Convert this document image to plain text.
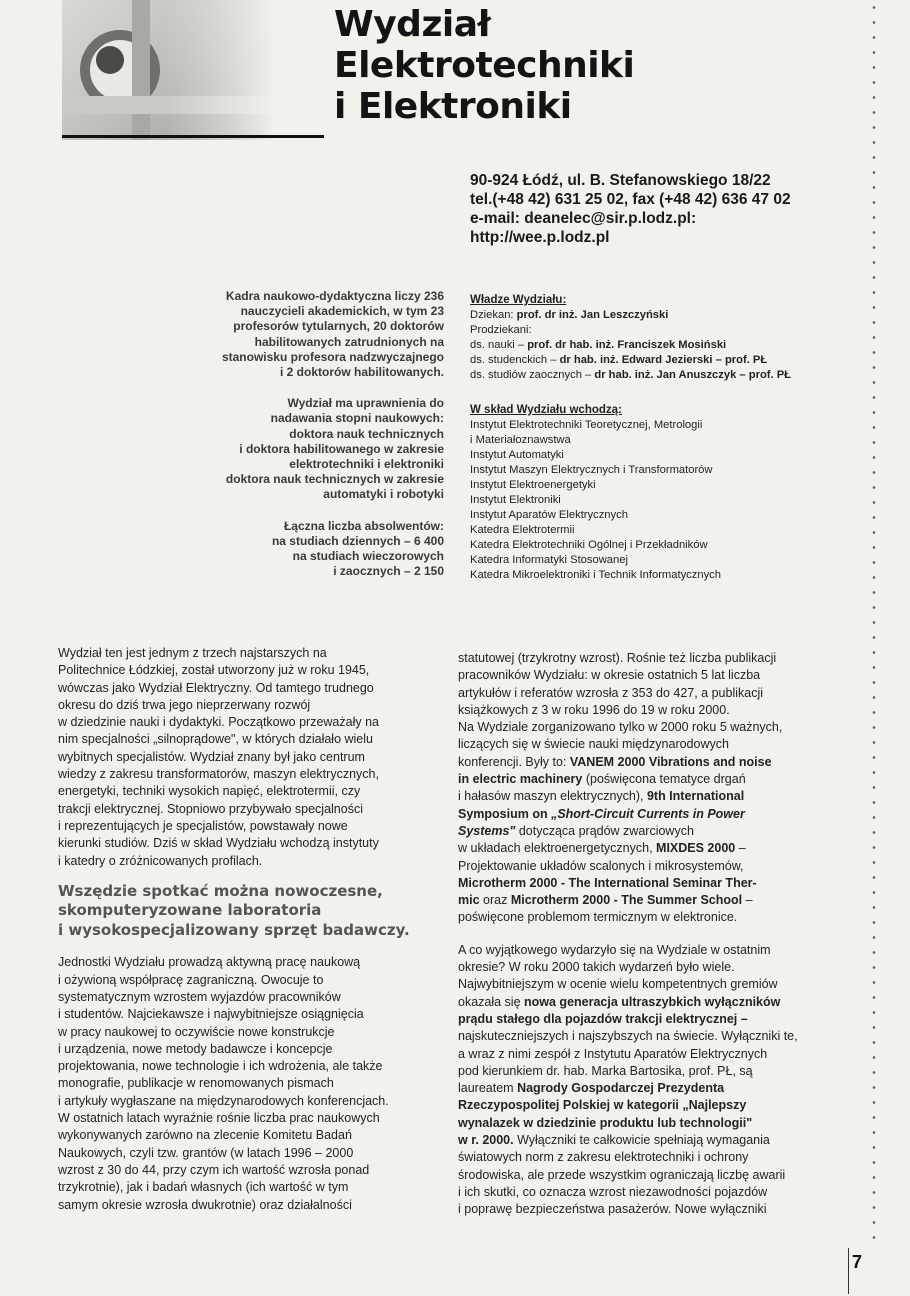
Wydział
Elektrotechniki
i Elektroniki
90-924 Łódź, ul. B. Stefanowskiego 18/22
tel.(+48 42) 631 25 02, fax (+48 42) 636 47 02
e-mail: deanelec@sir.p.lodz.pl:
http://wee.p.lodz.pl
Kadra naukowo-dydaktyczna liczy 236
nauczycieli akademickich, w tym 23
profesorów tytularnych, 20 doktorów
habilitowanych zatrudnionych na
stanowisku profesora nadzwyczajnego
i 2 doktorów habilitowanych.
Wydział ma uprawnienia do
nadawania stopni naukowych:
doktora nauk technicznych
i doktora habilitowanego w zakresie
elektrotechniki i elektroniki
doktora nauk technicznych w zakresie
automatyki i robotyki
Łączna liczba absolwentów:
na studiach dziennych – 6 400
na studiach wieczorowych
i zaocznych – 2 150
Władze Wydziału:
Dziekan: prof. dr inż. Jan Leszczyński
Prodziekani:
ds. nauki – prof. dr hab. inż. Franciszek Mosiński
ds. studenckich – dr hab. inż. Edward Jezierski – prof. PŁ
ds. studiów zaocznych – dr hab. inż. Jan Anuszczyk – prof. PŁ
W skład Wydziału wchodzą:
Instytut Elektrotechniki Teoretycznej, Metrologii
i Materiałoznawstwa
Instytut Automatyki
Instytut Maszyn Elektrycznych i Transformatorów
Instytut Elektroenergetyki
Instytut Elektroniki
Instytut Aparatów Elektrycznych
Katedra Elektrotermii
Katedra Elektrotechniki Ogólnej i Przekładników
Katedra Informatyki Stosowanej
Katedra Mikroelektroniki i Technik Informatycznych
Wydział ten jest jednym z trzech najstarszych na
Politechnice Łódzkiej, został utworzony już w roku 1945,
wówczas jako Wydział Elektryczny. Od tamtego trudnego
okresu do dziś trwa jego nieprzerwany rozwój
w dziedzinie nauki i dydaktyki. Początkowo przeważały na
nim specjalności „silnoprądowe", w których działało wielu
wybitnych specjalistów. Wydział znany był jako centrum
wiedzy z zakresu transformatorów, maszyn elektrycznych,
energetyki, techniki wysokich napięć, elektrotermii, czy
trakcji elektrycznej. Stopniowo przybywało specjalności
i reprezentujących je specjalistów, powstawały nowe
kierunki studiów. Dziś w skład Wydziału wchodzą instytuty
i katedry o zróżnicowanych profilach.
Wszędzie spotkać można nowoczesne,
skomputeryzowane laboratoria
i wysokospecjalizowany sprzęt badawczy.
Jednostki Wydziału prowadzą aktywną pracę naukową
i ożywioną współpracę zagraniczną. Owocuje to
systematycznym wzrostem wyjazdów pracowników
i studentów. Najciekawsze i najwybitniejsze osiągnięcia
w pracy naukowej to oczywiście nowe konstrukcje
i urządzenia, nowe metody badawcze i koncepcje
projektowania, nowe technologie i ich wdrożenia, ale także
monografie, publikacje w renomowanych pismach
i artykuły wygłaszane na międzynarodowych konferencjach.
W ostatnich latach wyraźnie rośnie liczba prac naukowych
wykonywanych zarówno na zlecenie Komitetu Badań
Naukowych, czyli tzw. grantów (w latach 1996 – 2000
wzrost z 30 do 44, przy czym ich wartość wzrosła ponad
trzykrotnie), jak i badań własnych (ich wartość w tym
samym okresie wzrosła dwukrotnie) oraz działalności
statutowej (trzykrotny wzrost). Rośnie też liczba publikacji
pracowników Wydziału: w okresie ostatnich 5 lat liczba
artykułów i referatów wzrosła z 353 do 427, a publikacji
książkowych z 3 w roku 1996 do 19 w roku 2000.
Na Wydziale zorganizowano tylko w 2000 roku 5 ważnych,
liczących się w świecie nauki międzynarodowych
konferencji. Były to: VANEM 2000 Vibrations and noise
in electric machinery (poświęcona tematyce drgań
i hałasów maszyn elektrycznych), 9th International
Symposium on „Short-Circuit Currents in Power
Systems" dotycząca prądów zwarciowych
w układach elektroenergetycznych, MIXDES 2000 –
Projektowanie układów scalonych i mikrosystemów,
Microtherm 2000 - The International Seminar Ther-
mic oraz Microtherm 2000 - The Summer School –
poświęcone problemom termicznym w elektronice.
A co wyjątkowego wydarzyło się na Wydziale w ostatnim
okresie? W roku 2000 takich wydarzeń było wiele.
Najwybitniejszym w ocenie wielu kompetentnych gremiów
okazała się nowa generacja ultraszybkich wyłączników
prądu stałego dla pojazdów trakcji elektrycznej –
najskuteczniejszych i najszybszych na świecie. Wyłączniki te,
a wraz z nimi zespół z Instytutu Aparatów Elektrycznych
pod kierunkiem dr. hab. Marka Bartosika, prof. PŁ, są
laureatem Nagrody Gospodarczej Prezydenta
Rzeczypospolitej Polskiej w kategorii „Najlepszy
wynalazek w dziedzinie produktu lub technologii"
w r. 2000. Wyłączniki te całkowicie spełniają wymagania
światowych norm z zakresu elektrotechniki i ochrony
środowiska, ale przede wszystkim ograniczają liczbę awarii
i ich skutki, co oznacza wzrost niezawodności pojazdów
i poprawę bezpieczeństwa pasażerów. Nowe wyłączniki
7
